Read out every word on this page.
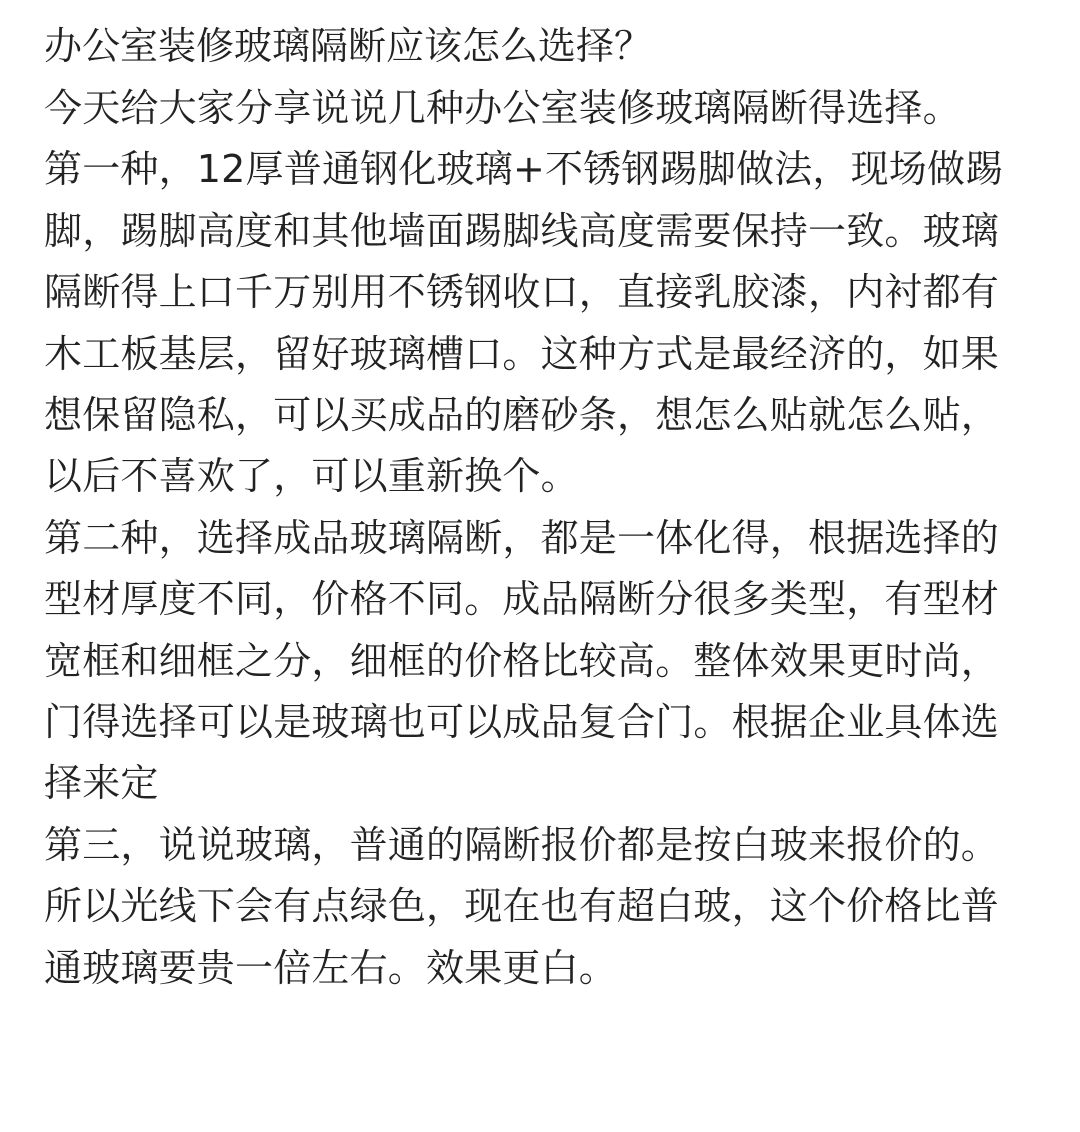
办公室装修玻璃隔断应该怎么选择？

今天给大家分享说说几种办公室装修玻璃隔断得选择。

第一种，12厚普通钢化玻璃+不锈钢踢脚做法，现场做踢脚，踢脚高度和其他墙面踢脚线高度需要保持一致。玻璃隔断得上口千万别用不锈钢收口，直接乳胶漆，内衬都有木工板基层，留好玻璃槽口。这种方式是最经济的，如果想保留隐私，可以买成品的磨砂条，想怎么贴就怎么贴，以后不喜欢了，可以重新换个。

第二种，选择成品玻璃隔断，都是一体化得，根据选择的型材厚度不同，价格不同。成品隔断分很多类型，有型材宽框和细框之分，细框的价格比较高。整体效果更时尚，门得选择可以是玻璃也可以成品复合门。根据企业具体选择来定

第三，说说玻璃，普通的隔断报价都是按白玻来报价的。所以光线下会有点绿色，现在也有超白玻，这个价格比普通玻璃要贵一倍左右。效果更白。
